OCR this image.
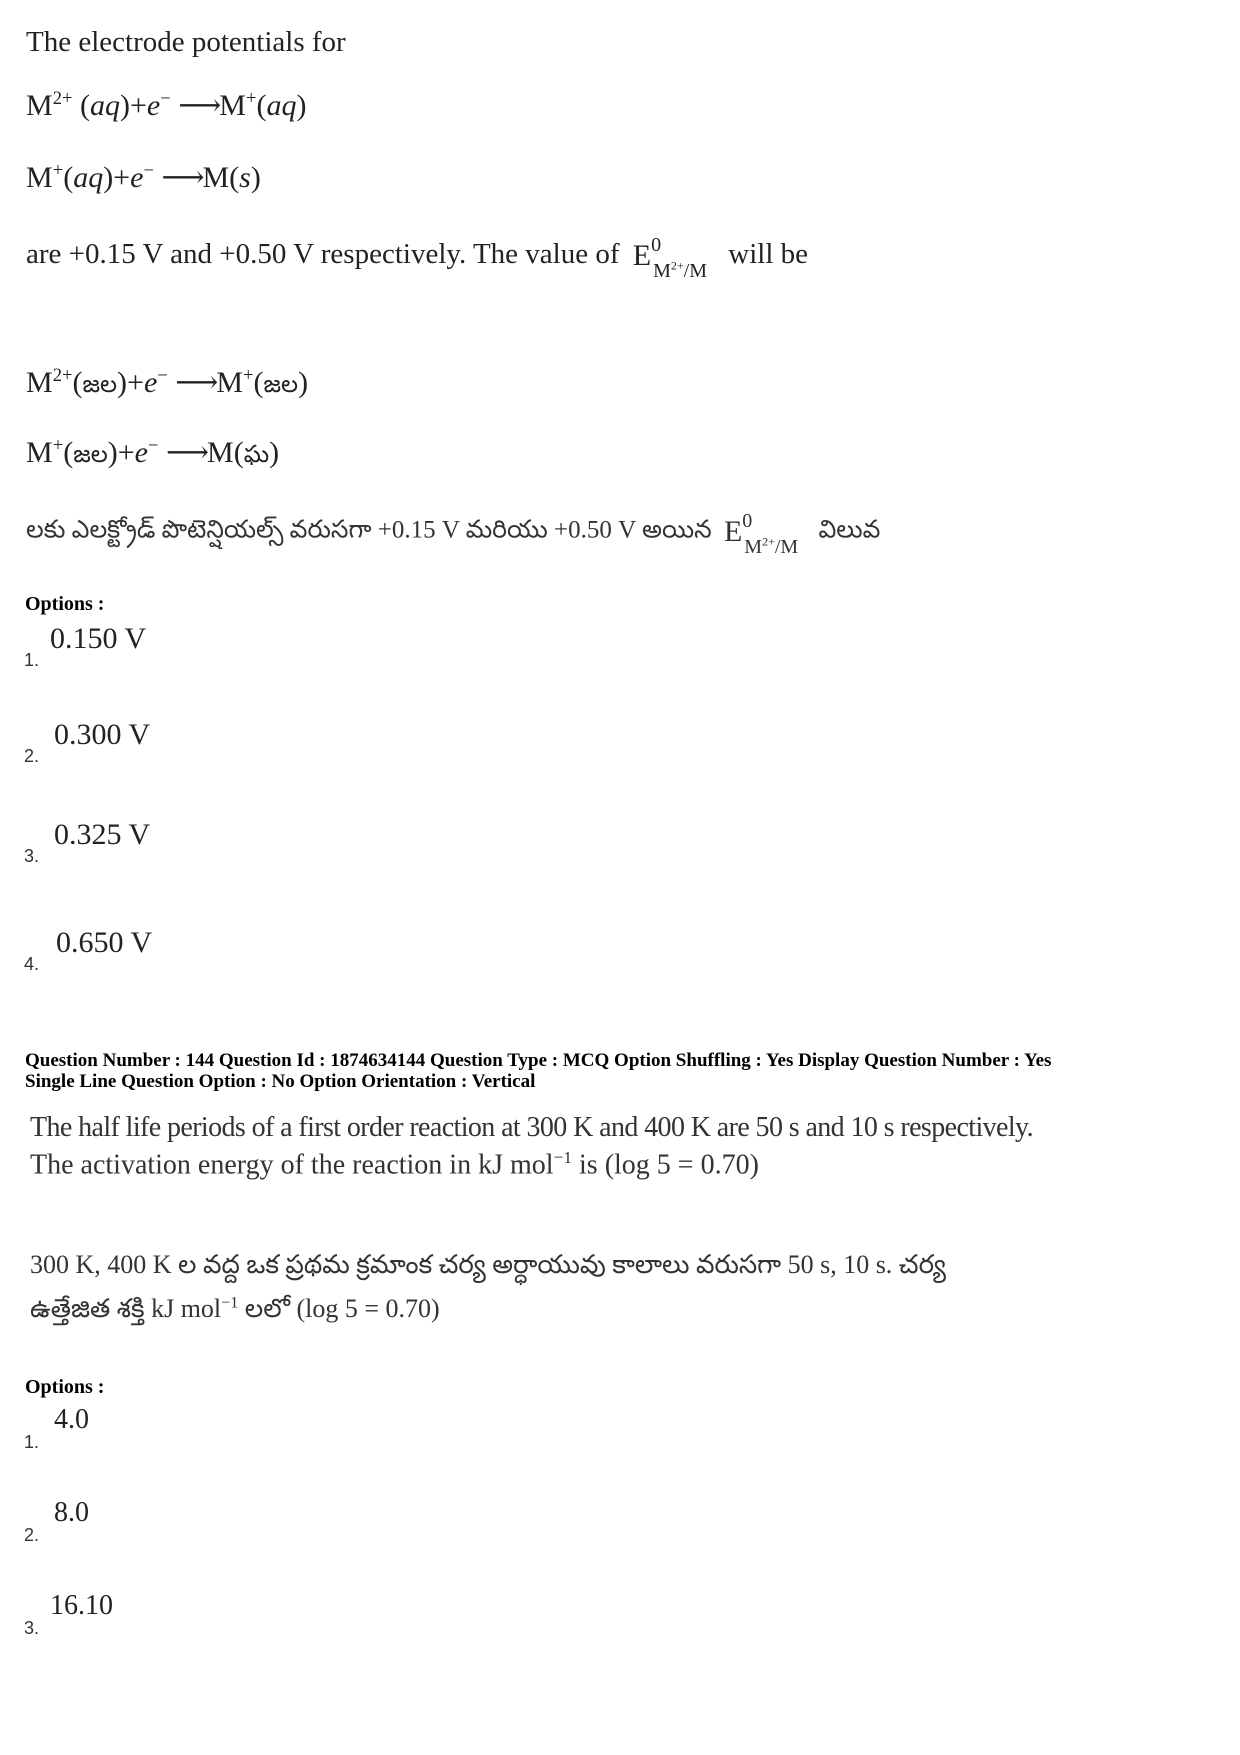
The electrode potentials for
$M^{2+}$ (aq)+e− ⟶M+(aq)
M+(aq)+e− ⟶M(s)
are +0.15 V and +0.50 V respectively. The value of $E^0_{M^{2+}/M}$ will be
$M^{2+}(జల)+e^-$ ⟶M+(జల)
M+(జల)+e− ⟶M(ఘ)
లకు ఎలక్ట్రోడ్ పొటెన్షియల్స్ వరుసగా +0.15 V మరియు +0.50 V అయిన $E^0_{M^{2+}/M}$ విలువ
Options :
1.
0.150 V
2.
0.300 V
3.
0.325 V
4.
0.650 V
Question Number : 144 Question Id : 1874634144 Question Type : MCQ Option Shuffling : Yes Display Question Number : Yes
Single Line Question Option : No Option Orientation : Vertical
The half life periods of a first order reaction at 300 K and 400 K are 50 s and 10 s respectively.
The activation energy of the reaction in kJ mol$^{-1}$ is (log 5 = 0.70)
300 K, 400 K ల వద్ద ఒక ప్రథమ క్రమాంక చర్య అర్ధాయువు కాలాలు వరుసగా 50 s, 10 s. చర్య
ఉత్తేజిత శక్తి kJ mol$^{-1}$ లలో (log 5 = 0.70)
Options :
1.
4.0
2.
8.0
3.
16.10
